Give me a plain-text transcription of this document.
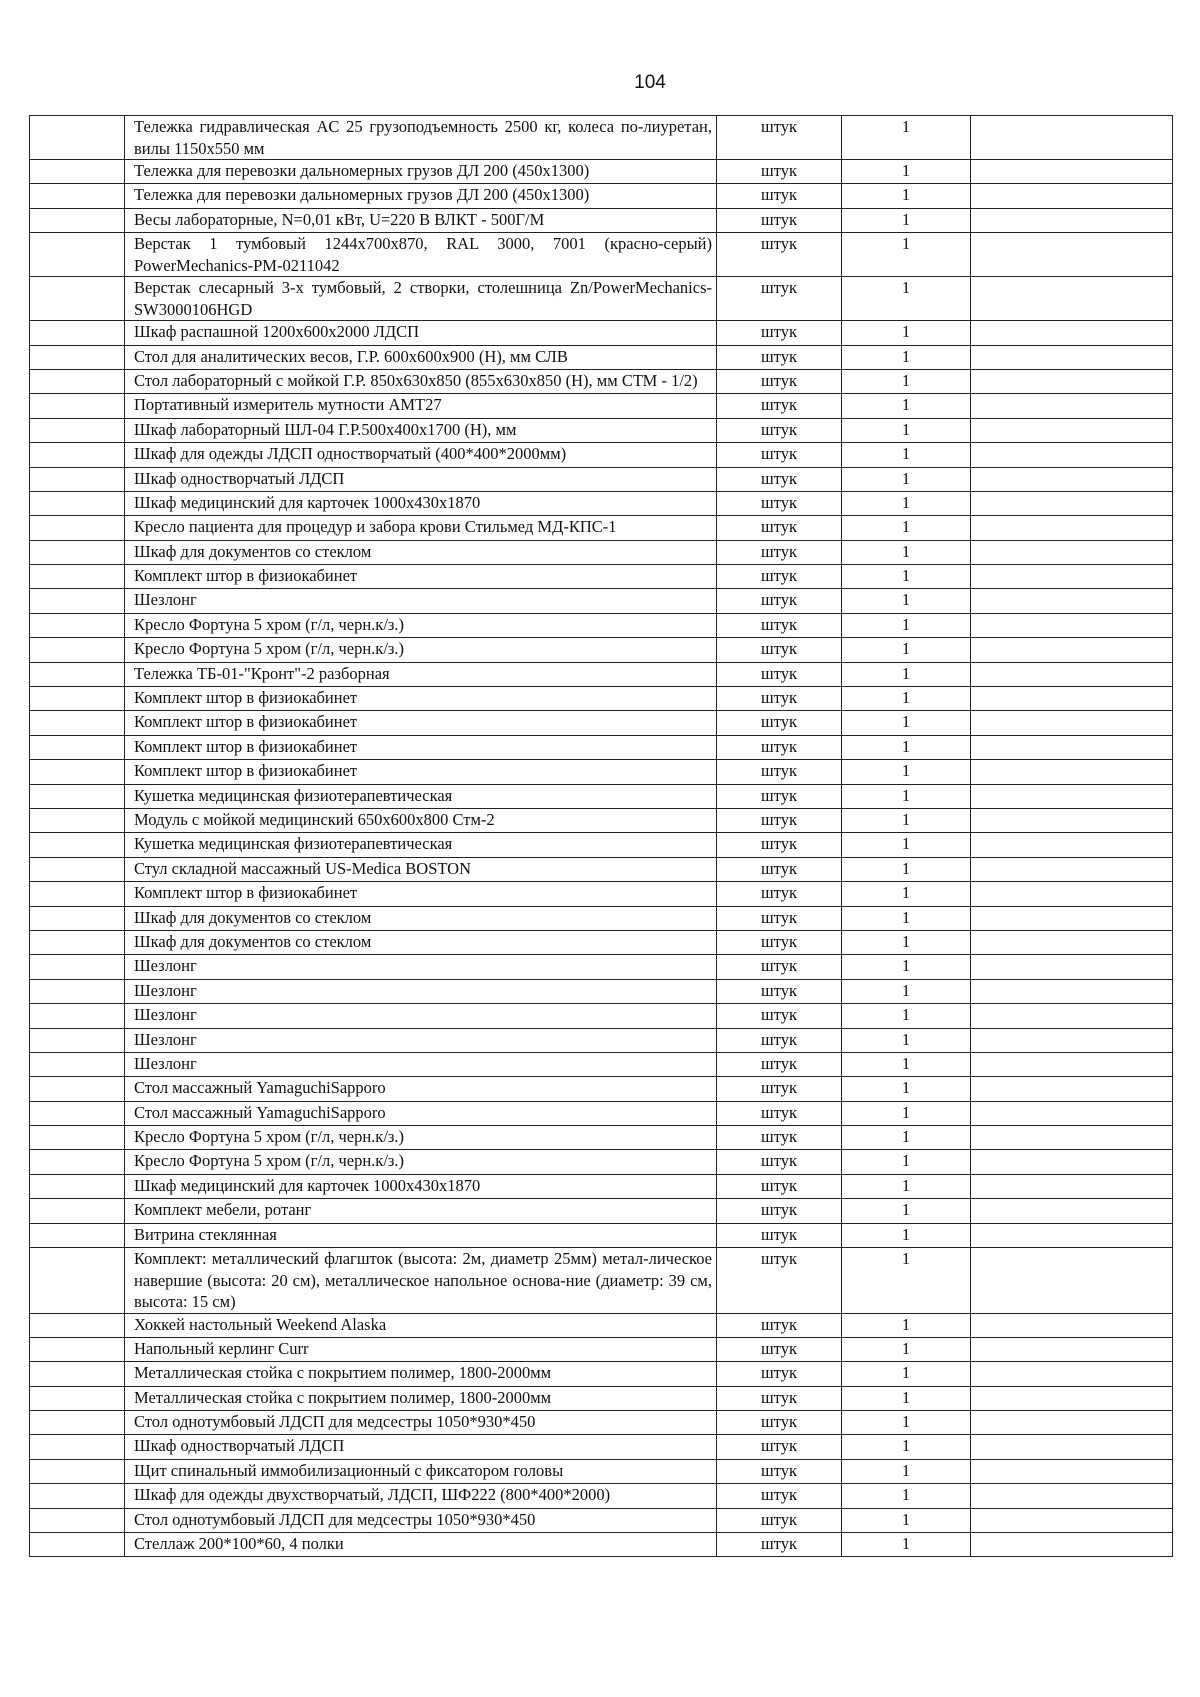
104
	Тележка гидравлическая AC 25 грузоподъемность 2500 кг, колеса по-лиуретан, вилы 1150x550 мм	штук	1	
	Тележка для перевозки дальномерных грузов ДЛ 200 (450x1300)	штук	1	
	Тележка для перевозки дальномерных грузов ДЛ 200 (450x1300)	штук	1	
	Весы лабораторные, N=0,01 кВт, U=220 В ВЛКТ - 500Г/М	штук	1	
	Верстак 1 тумбовый 1244x700x870, RAL 3000, 7001 (красно-серый) PowerMechanics-PM-0211042	штук	1	
	Верстак слесарный 3-х тумбовый, 2 створки, столешница Zn/PowerMechanics-SW3000106HGD	штук	1	
	Шкаф распашной 1200x600x2000 ЛДСП	штук	1	
	Стол для аналитических весов, Г.Р. 600x600x900 (Н), мм СЛВ	штук	1	
	Стол лабораторный с мойкой Г.Р. 850x630x850 (855x630x850 (Н), мм СТМ - 1/2)	штук	1	
	Портативный измеритель мутности АМТ27	штук	1	
	Шкаф лабораторный ШЛ-04 Г.Р.500x400x1700 (Н), мм	штук	1	
	Шкаф для одежды ЛДСП одностворчатый (400*400*2000мм)	штук	1	
	Шкаф одностворчатый ЛДСП	штук	1	
	Шкаф медицинский для карточек 1000x430x1870	штук	1	
	Кресло пациента для процедур и забора крови Стильмед МД-КПС-1	штук	1	
	Шкаф для документов со стеклом	штук	1	
	Комплект штор в физиокабинет	штук	1	
	Шезлонг	штук	1	
	Кресло Фортуна 5 хром (г/л, черн.к/з.)	штук	1	
	Кресло Фортуна 5 хром (г/л, черн.к/з.)	штук	1	
	Тележка ТБ-01-"Кронт"-2 разборная	штук	1	
	Комплект штор в физиокабинет	штук	1	
	Комплект штор в физиокабинет	штук	1	
	Комплект штор в физиокабинет	штук	1	
	Комплект штор в физиокабинет	штук	1	
	Кушетка медицинская физиотерапевтическая	штук	1	
	Модуль с мойкой медицинский 650x600x800 Стм-2	штук	1	
	Кушетка медицинская физиотерапевтическая	штук	1	
	Стул складной массажный US-Medica BOSTON	штук	1	
	Комплект штор в физиокабинет	штук	1	
	Шкаф для документов со стеклом	штук	1	
	Шкаф для документов со стеклом	штук	1	
	Шезлонг	штук	1	
	Шезлонг	штук	1	
	Шезлонг	штук	1	
	Шезлонг	штук	1	
	Шезлонг	штук	1	
	Стол массажный YamaguchiSapporo	штук	1	
	Стол массажный YamaguchiSapporo	штук	1	
	Кресло Фортуна 5 хром (г/л, черн.к/з.)	штук	1	
	Кресло Фортуна 5 хром (г/л, черн.к/з.)	штук	1	
	Шкаф медицинский для карточек 1000x430x1870	штук	1	
	Комплект мебели, ротанг	штук	1	
	Витрина стеклянная	штук	1	
	Комплект: металлический флагшток (высота: 2м, диаметр 25мм) метал-лическое навершие (высота: 20 см), металлическое напольное основа-ние (диаметр: 39 см, высота: 15 см)	штук	1	
	Хоккей настольный Weekend Alaska	штук	1	
	Напольный керлинг Curr	штук	1	
	Металлическая стойка с покрытием полимер, 1800-2000мм	штук	1	
	Металлическая стойка с покрытием полимер, 1800-2000мм	штук	1	
	Стол однотумбовый ЛДСП для медсестры 1050*930*450	штук	1	
	Шкаф одностворчатый ЛДСП	штук	1	
	Щит спинальный иммобилизационный с фиксатором головы	штук	1	
	Шкаф для одежды двухстворчатый, ЛДСП, ШФ222 (800*400*2000)	штук	1	
	Стол однотумбовый ЛДСП для медсестры 1050*930*450	штук	1	
	Стеллаж 200*100*60, 4 полки	штук	1	
